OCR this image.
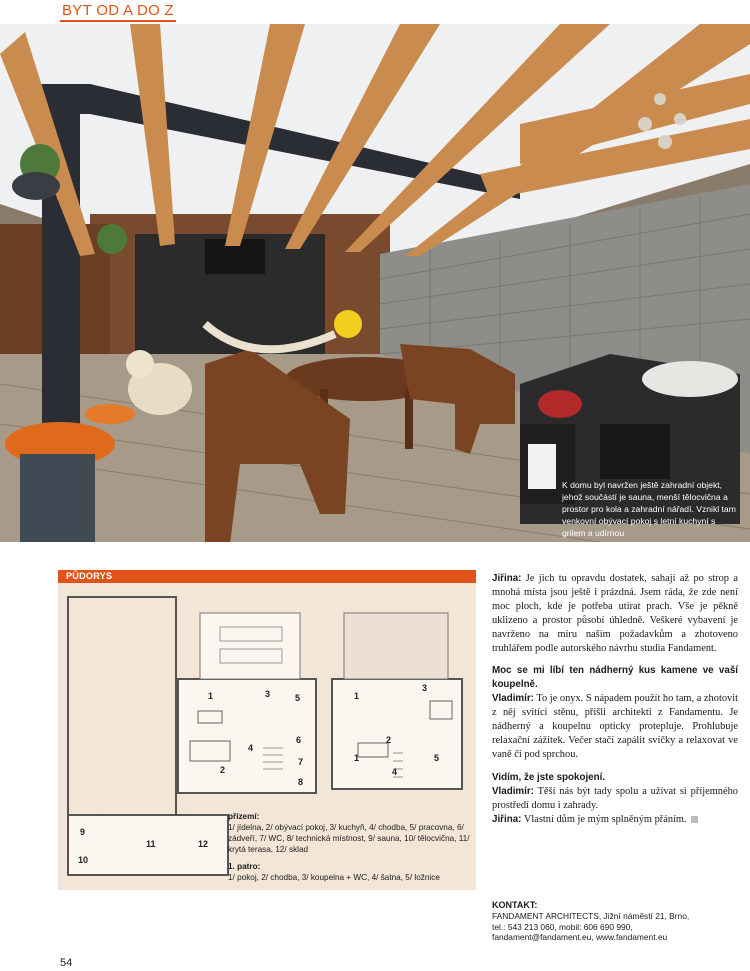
BYT OD A DO Z
K domu byl navržen ještě zahradní objekt, jehož součástí je sauna, menší tělocvična a prostor pro kola a zahradní nářadí. Vznikl tam venkovní obývací pokoj s letní kuchyní s grilem a udírnou
PŮDORYS
1
2
3
4
5
6
7
8
1
1
2
3
4
5
9
10
11	12
přízemí:
1/ jídelna, 2/ obývací pokoj, 3/ kuchyň, 4/ chodba, 5/ pracovna, 6/ zádveří, 7/ WC, 8/ technická místnost, 9/ sauna, 10/ tělocvična, 11/ krytá terasa, 12/ sklad
1. patro:
1/ pokoj, 2/ chodba, 3/ koupelna + WC, 4/ šatna, 5/ ložnice

Jiřina: Je jich tu opravdu dostatek, sahají až po strop a mnohá místa jsou ještě i prázdná. Jsem ráda, že zde není moc ploch, kde je potřeba utírat prach. Vše je pěkně uklizeno a prostor působí úhledně. Veškeré vybavení je navrženo na míru našim požadavkům a zhotoveno truhlářem podle autorského návrhu studia Fandament.

Moc se mi líbí ten nádherný kus kamene ve vaší koupelně.

Vladimír: To je onyx. S nápadem použít ho tam, a zhotovit z něj svítící stěnu, přišli architekti z Fandamentu. Je nádherný a koupelnu opticky protepluje. Prohlubuje relaxační zážitek. Večer stačí zapálit svíčky a relaxovat ve vaně či pod sprchou.

Vidím, že jste spokojení.

Vladimír: Těší nás být tady spolu a užívat si příjemného prostředí domu i zahrady.

Jiřina: Vlastní dům je mým splněným přáním.

KONTAKT:
FANDAMENT ARCHITECTS, Jižní náměstí 21, Brno,
tel.: 543 213 060, mobil: 606 690 990,
fandament@fandament.eu, www.fandament.eu
54
